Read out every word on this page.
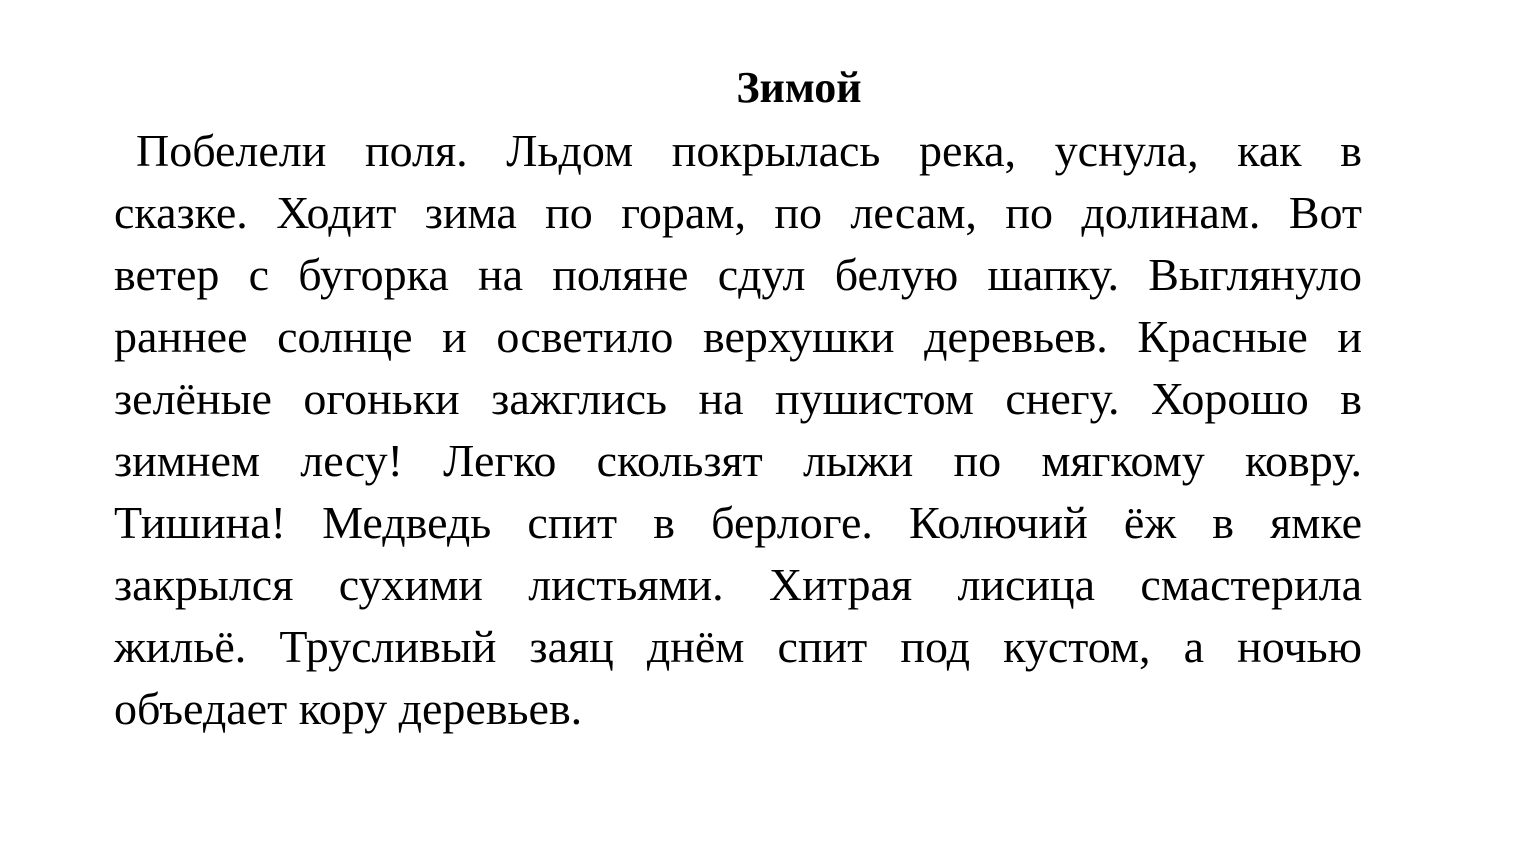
Зимой
Побелели поля. Льдом покрылась река, уснула, как в
сказке. Ходит зима по горам, по лесам, по долинам. Вот
ветер с бугорка на поляне сдул белую шапку. Выглянуло
раннее солнце и осветило верхушки деревьев. Красные и
зелёные огоньки зажглись на пушистом снегу. Хорошо в
зимнем лесу! Легко скользят лыжи по мягкому ковру.
Тишина! Медведь спит в берлоге. Колючий ёж в ямке
закрылся сухими листьями. Хитрая лисица смастерила
жильё. Трусливый заяц днём спит под кустом, а ночью
объедает кору деревьев.
